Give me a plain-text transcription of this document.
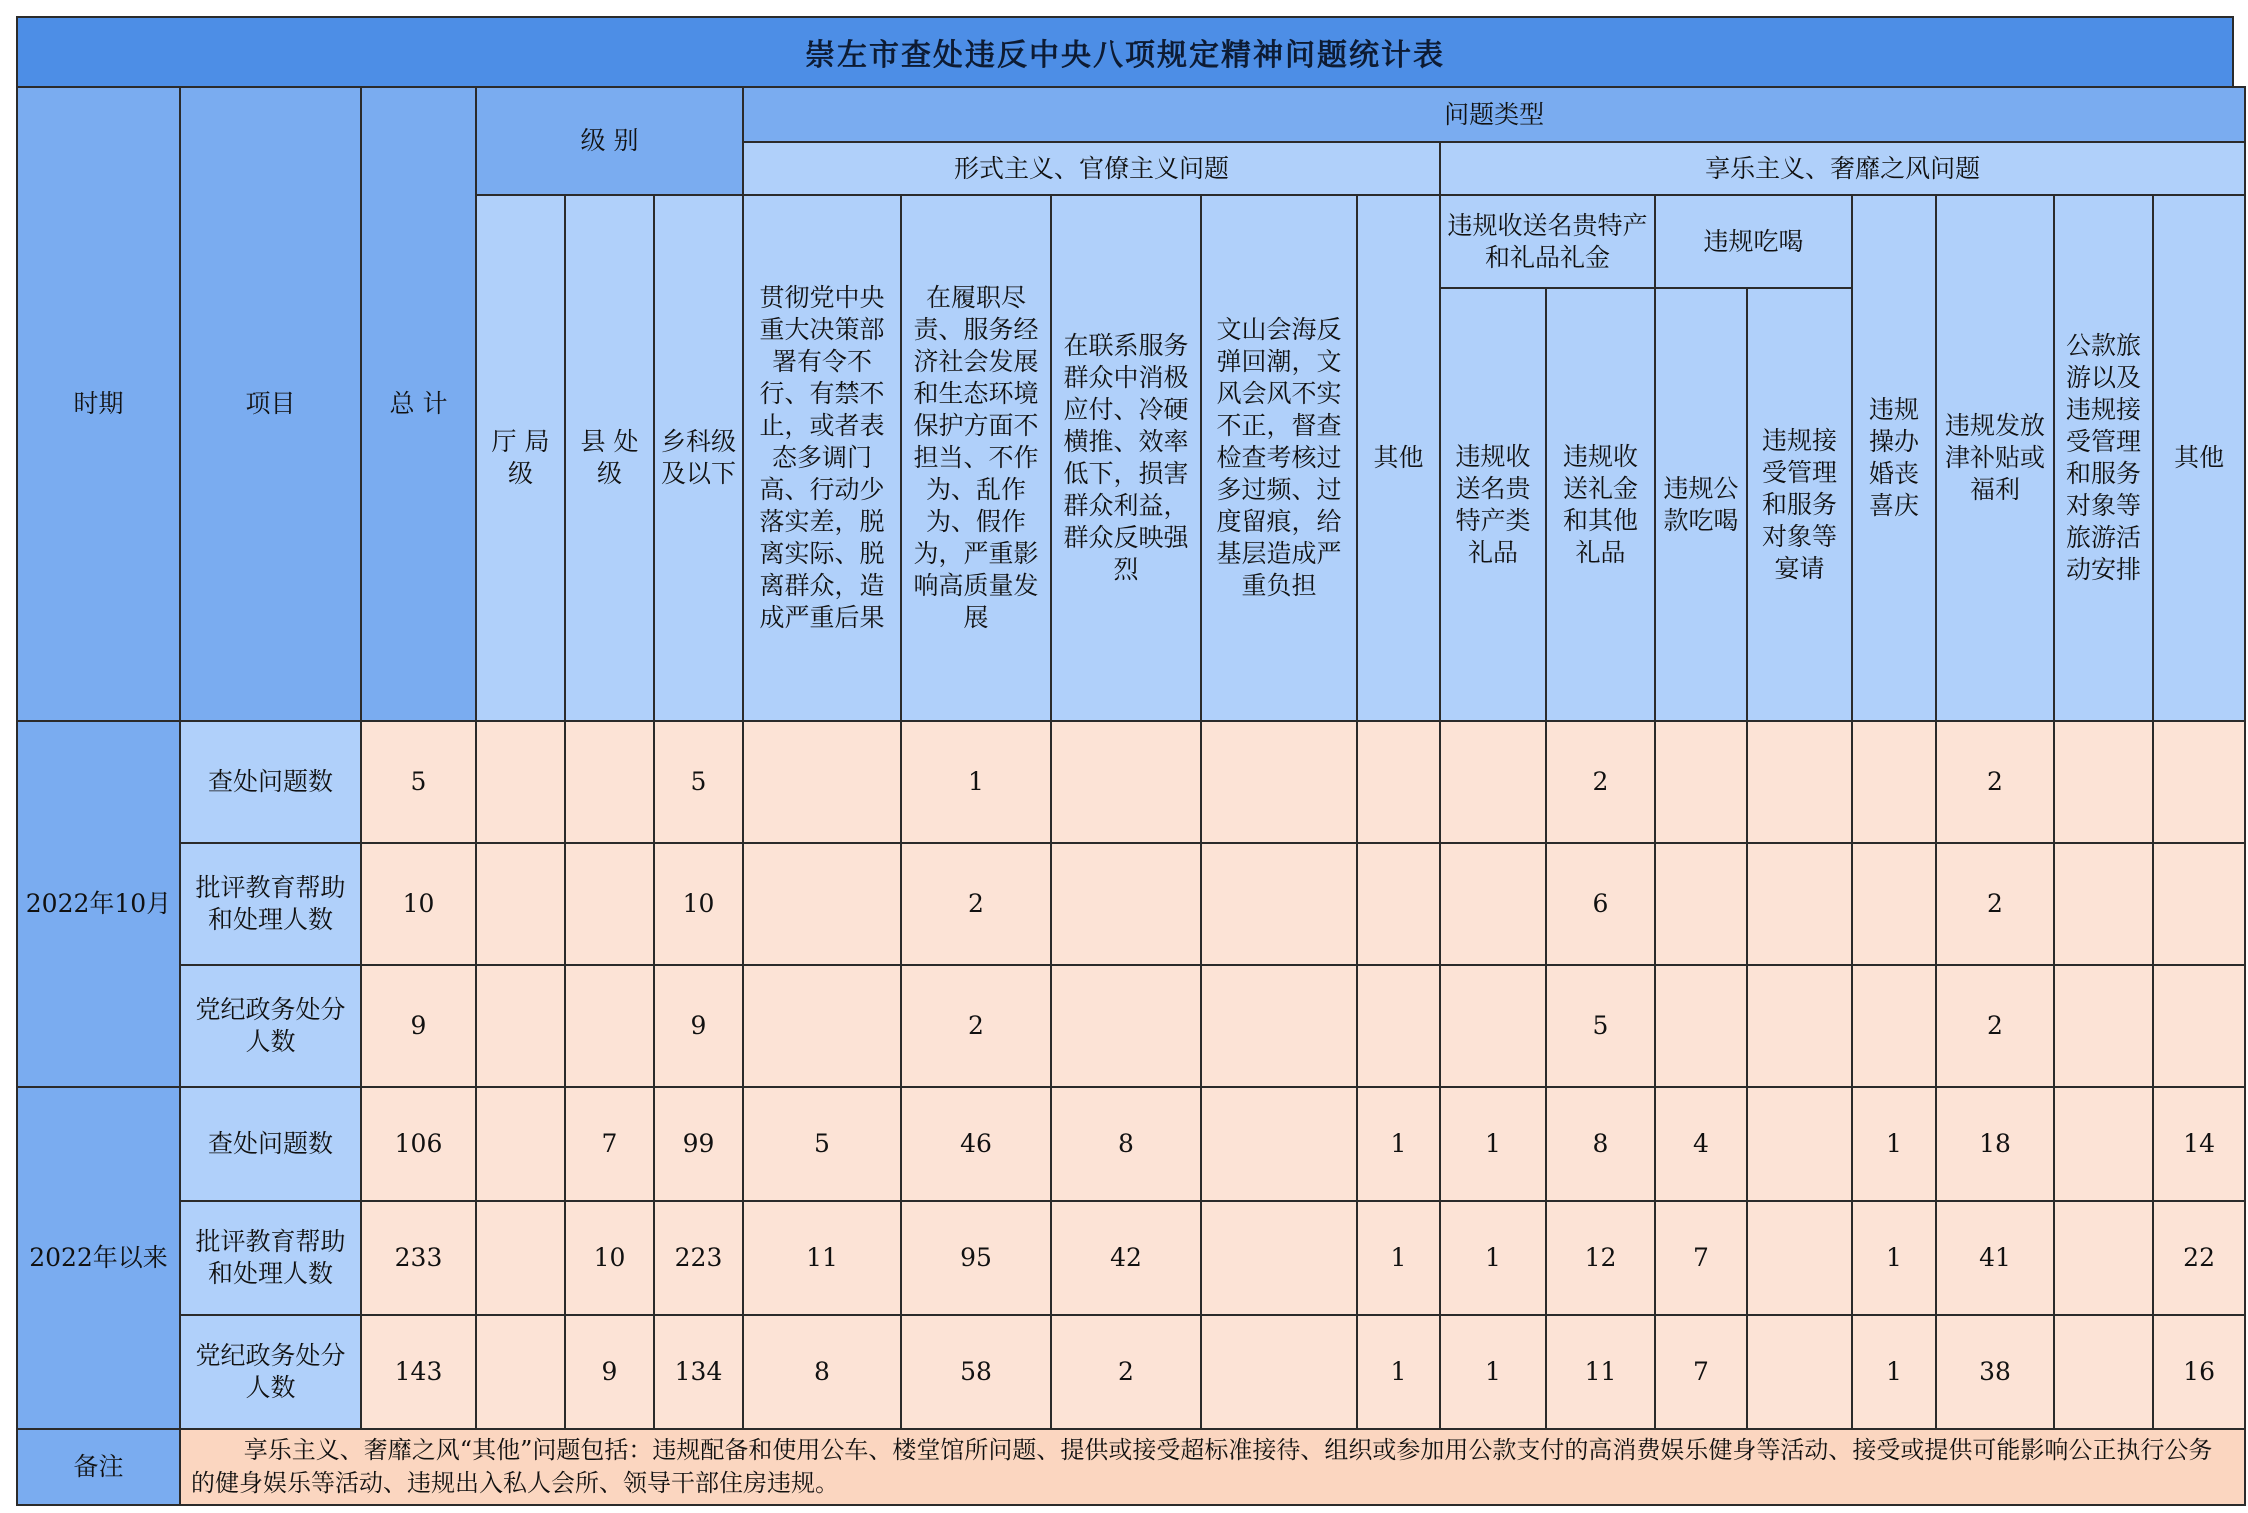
崇左市查处违反中央八项规定精神问题统计表
时期	项目	总 计	级 别			问题类型												
						形式主义、官僚主义问题					享乐主义、奢靡之风问题							
			厅 局级	县 处级	乡科级及以下	贯彻党中央重大决策部署有令不行、有禁不止，或者表态多调门高、行动少落实差，脱离实际、脱离群众，造成严重后果	在履职尽责、服务经济社会发展和生态环境保护方面不担当、不作为、乱作为、假作为，严重影响高质量发展	在联系服务群众中消极应付、冷硬横推、效率低下，损害群众利益，群众反映强烈	文山会海反弹回潮，文风会风不实不正，督查检查考核过多过频、过度留痕，给基层造成严重负担	其他	违规收送名贵特产和礼品礼金		违规吃喝		违规操办婚丧喜庆	违规发放津补贴或福利	公款旅游以及违规接受管理和服务对象等旅游活动安排	其他
											违规收送名贵特产类礼品	违规收送礼金和其他礼品	违规公款吃喝	违规接受管理和服务对象等宴请				
2022年10月	查处问题数	5			5		1					2				2		
	批评教育帮助和处理人数	10			10		2					6				2		
	党纪政务处分人数	9			9		2					5				2		
2022年以来	查处问题数	106		7	99	5	46	8		1	1	8	4		1	18		14
	批评教育帮助和处理人数	233		10	223	11	95	42		1	1	12	7		1	41		22
	党纪政务处分人数	143		9	134	8	58	2		1	1	11	7		1	38		16
备注	享乐主义、奢靡之风“其他”问题包括：违规配备和使用公车、楼堂馆所问题、提供或接受超标准接待、组织或参加用公款支付的高消费娱乐健身等活动、接受或提供可能影响公正执行公务的健身娱乐等活动、违规出入私人会所、领导干部住房违规。																	
